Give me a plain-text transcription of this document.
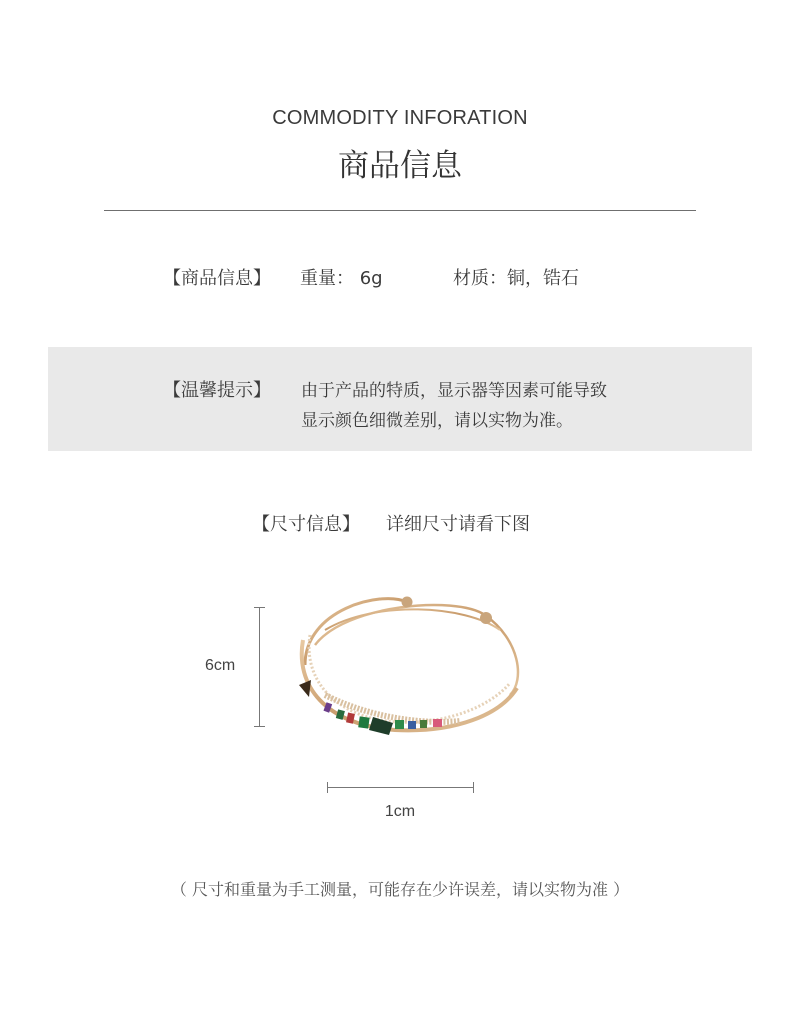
COMMODITY INFORATION
商品信息
【商品信息】 重量： 6g	材质：铜，锆石
【温馨提示】 由于产品的特质，显示器等因素可能导致
显示颜色细微差别，请以实物为准。
【尺寸信息】 详细尺寸请看下图
6cm
1cm
（ 尺寸和重量为手工测量，可能存在少许误差，请以实物为准 ）
